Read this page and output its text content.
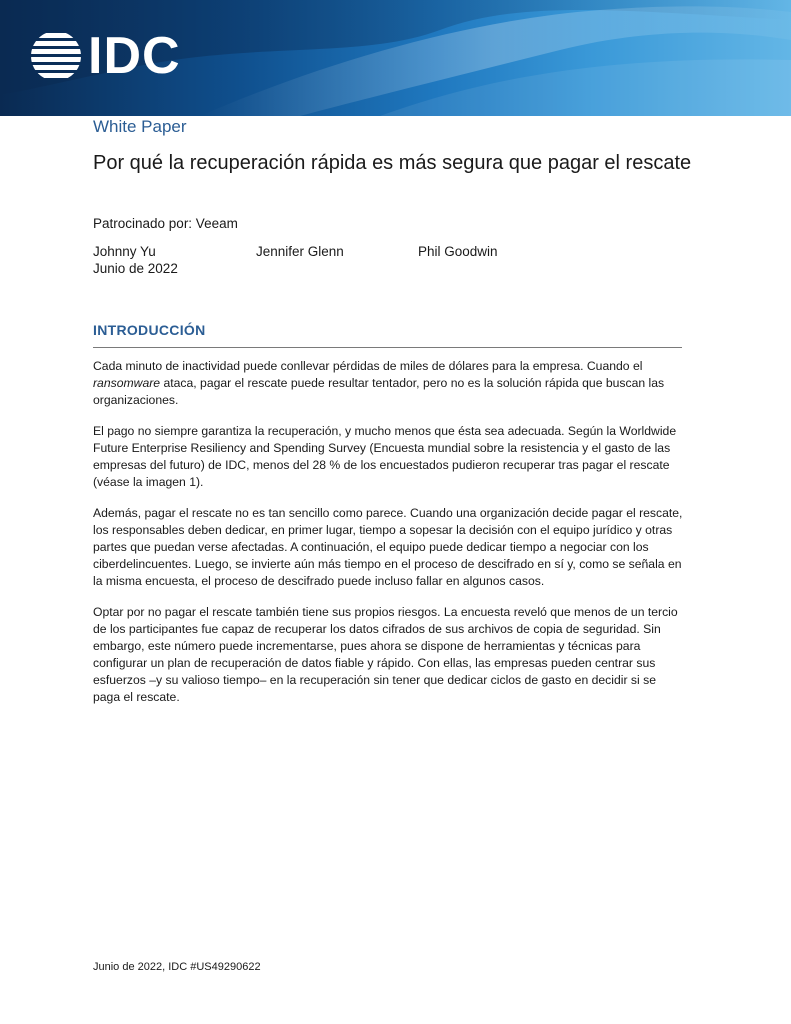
IDC
White Paper
Por qué la recuperación rápida es más segura que pagar el rescate
Patrocinado por: Veeam
Johnny Yu	Jennifer Glenn	Phil Goodwin
Junio de 2022
INTRODUCCIÓN

Cada minuto de inactividad puede conllevar pérdidas de miles de dólares para la empresa. Cuando el ransomware ataca, pagar el rescate puede resultar tentador, pero no es la solución rápida que buscan las organizaciones.

El pago no siempre garantiza la recuperación, y mucho menos que ésta sea adecuada. Según la Worldwide Future Enterprise Resiliency and Spending Survey (Encuesta mundial sobre la resistencia y el gasto de las empresas del futuro) de IDC, menos del 28 % de los encuestados pudieron recuperar tras pagar el rescate (véase la imagen 1).

Además, pagar el rescate no es tan sencillo como parece. Cuando una organización decide pagar el rescate, los responsables deben dedicar, en primer lugar, tiempo a sopesar la decisión con el equipo jurídico y otras partes que puedan verse afectadas. A continuación, el equipo puede dedicar tiempo a negociar con los ciberdelincuentes. Luego, se invierte aún más tiempo en el proceso de descifrado en sí y, como se señala en la misma encuesta, el proceso de descifrado puede incluso fallar en algunos casos.

Optar por no pagar el rescate también tiene sus propios riesgos. La encuesta reveló que menos de un tercio de los participantes fue capaz de recuperar los datos cifrados de sus archivos de copia de seguridad. Sin embargo, este número puede incrementarse, pues ahora se dispone de herramientas y técnicas para configurar un plan de recuperación de datos fiable y rápido. Con ellas, las empresas pueden centrar sus esfuerzos –y su valioso tiempo– en la recuperación sin tener que dedicar ciclos de gasto en decidir si se paga el rescate.

Junio de 2022, IDC #US49290622
